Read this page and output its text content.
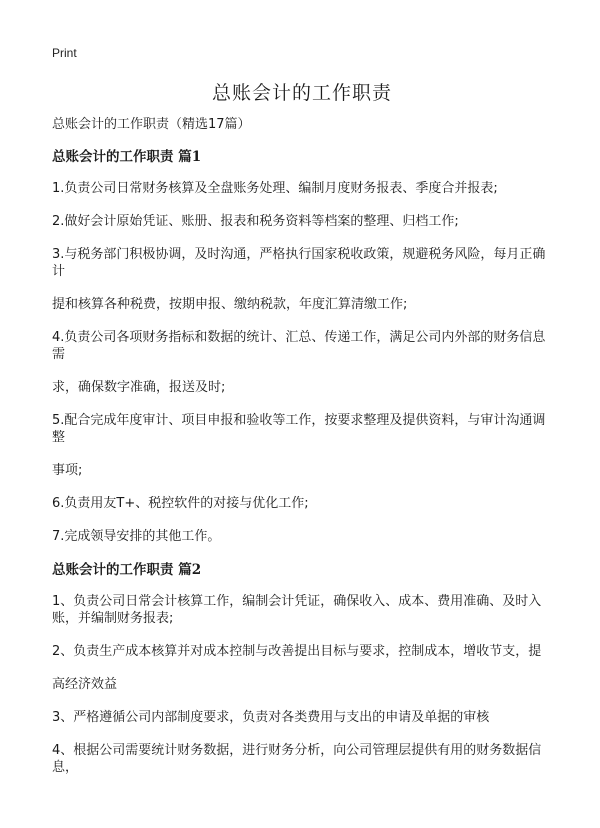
Print
总账会计的工作职责
总账会计的工作职责（精选17篇）
总账会计的工作职责 篇1
1.负责公司日常财务核算及全盘账务处理、编制月度财务报表、季度合并报表;
2.做好会计原始凭证、账册、报表和税务资料等档案的整理、归档工作;
3.与税务部门积极协调，及时沟通，严格执行国家税收政策，规避税务风险，每月正确计
提和核算各种税费，按期申报、缴纳税款，年度汇算清缴工作;
4.负责公司各项财务指标和数据的统计、汇总、传递工作，满足公司内外部的财务信息需
求，确保数字准确，报送及时;
5.配合完成年度审计、项目申报和验收等工作，按要求整理及提供资料，与审计沟通调整
事项;
6.负责用友T+、税控软件的对接与优化工作;
7.完成领导安排的其他工作。
总账会计的工作职责 篇2
1、负责公司日常会计核算工作，编制会计凭证，确保收入、成本、费用准确、及时入账，并编制财务报表;
2、负责生产成本核算并对成本控制与改善提出目标与要求，控制成本，增收节支，提
高经济效益
3、严格遵循公司内部制度要求，负责对各类费用与支出的申请及单据的审核
4、根据公司需要统计财务数据，进行财务分析，向公司管理层提供有用的财务数据信息，
